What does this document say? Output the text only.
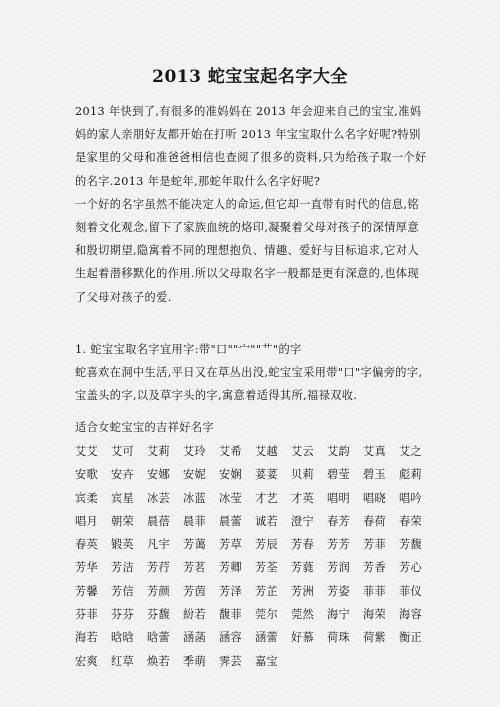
2013 蛇宝宝起名字大全

2013 年快到了,有很多的准妈妈在 2013 年会迎来自己的宝宝,准妈妈的家人亲朋好友都开始在打听 2013 年宝宝取什么名字好呢?特别是家里的父母和准爸爸相信也查阅了很多的资料,只为给孩子取一个好的名字.2013 年是蛇年,那蛇年取什么名字好呢?

一个好的名字虽然不能决定人的命运,但它却一直带有时代的信息,铭刻着文化观念,留下了家族血统的烙印,凝聚着父母对孩子的深情厚意和殷切期望,隐寓着不同的理想抱负、情趣、爱好与目标追求,它对人生起着潜移默化的作用.所以父母取名字一般都是更有深意的,也体现了父母对孩子的爱.

1. 蛇宝宝取名字宜用字:带"口""宀""艹"的字
蛇喜欢在洞中生活,平日又在草丛出没,蛇宝宝采用带"口"字偏旁的字,宝盖头的字,以及草字头的字,寓意着适得其所,福禄双收.
适合女蛇宝宝的吉祥好名字
艾艾	艾可	艾莉	艾玲	艾希	艾越	艾云	艾韵	艾真	艾之
安歌	安卉	安娜	安妮	安娴	荽荽	贝莉	碧莹	碧玉	彪莉
宾柔	宾星	冰芸	冰蓝	冰莹	才艺	才英	唱明	唱晓	唱吟
唱月	朝荣	晨蓓	晨菲	晨蕾	诚若	澄宁	春芳	春荷	春荣
春英	锻英	凡宇	芳蔼	芳草	芳辰	芳春	芳芳	芳菲	芳馥
芳华	芳洁	芳荇	芳茗	芳卿	芳荃	芳蕤	芳润	芳香	芳心
芳馨	芳信	芳颜	芳茵	芳泽	芳芷	芳洲	芳姿	菲菲	菲仪
芬菲	芬芬	芬馥	紛若	馥菲	莞尔	莞然	海宁	海荣	海容
海若	晗晗	晗蕾	涵菡	涵容	涵蕾	好慕	荷珠	荷紫	衡正
宏爽	红草	焕若	季萌	霁芸	嘉宝
